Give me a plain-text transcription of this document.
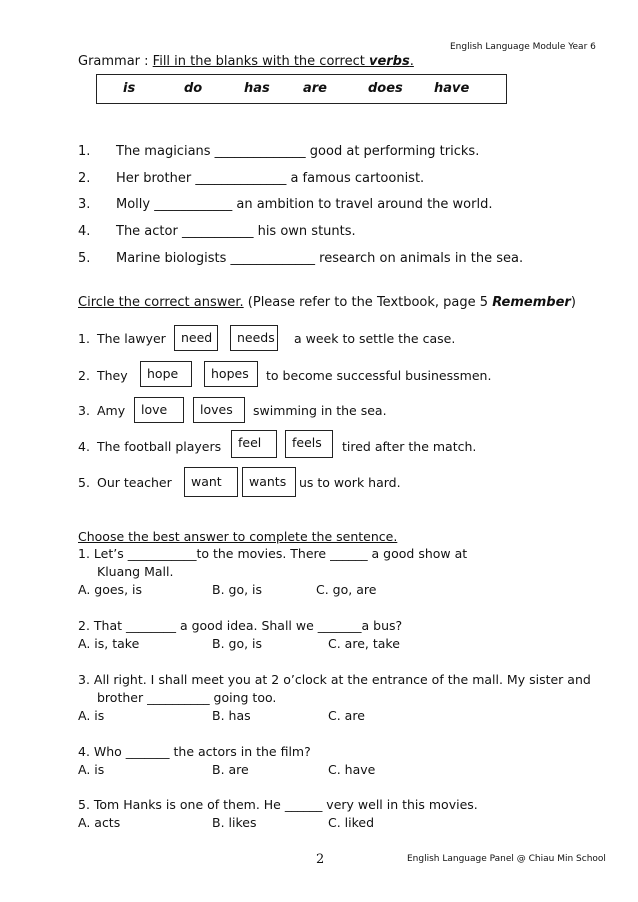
English Language Module Year 6
Grammar : Fill in the blanks with the correct verbs.
is	do	has	are	does have
1. The magicians ______________ good at performing tricks.
2. Her brother ______________ a famous cartoonist.
3. Molly ____________ an ambition to travel around the world.
4. The actor ___________ his own stunts.
5. Marine biologists _____________ research on animals in the sea.
Circle the correct answer. (Please refer to the Textbook, page 5 Remember)
1. The lawyer	need	needs a week to settle the case.
2. They	hope	hopes	to become successful businessmen.
3. Amy	love	loves	swimming in the sea.
4. The football players	feel	feels	tired after the match.
5. Our teacher	want	wants	us to work hard.
Choose the best answer to complete the sentence.
1. Let’s ___________to the movies. There ______ a good show at
Kluang Mall.
A. goes, is	B. go, is	C. go, are
2. That ________ a good idea. Shall we _______a bus?
A. is, take	B. go, is	C. are, take
3. All right. I shall meet you at 2 o’clock at the entrance of the mall. My sister and
brother __________ going too.
A. is	B. has	C. are
4. Who _______ the actors in the film?
A. is	B. are	C. have
5. Tom Hanks is one of them. He ______ very well in this movies.
A. acts	B. likes	C. liked
2	English Language Panel @ Chiau Min School
